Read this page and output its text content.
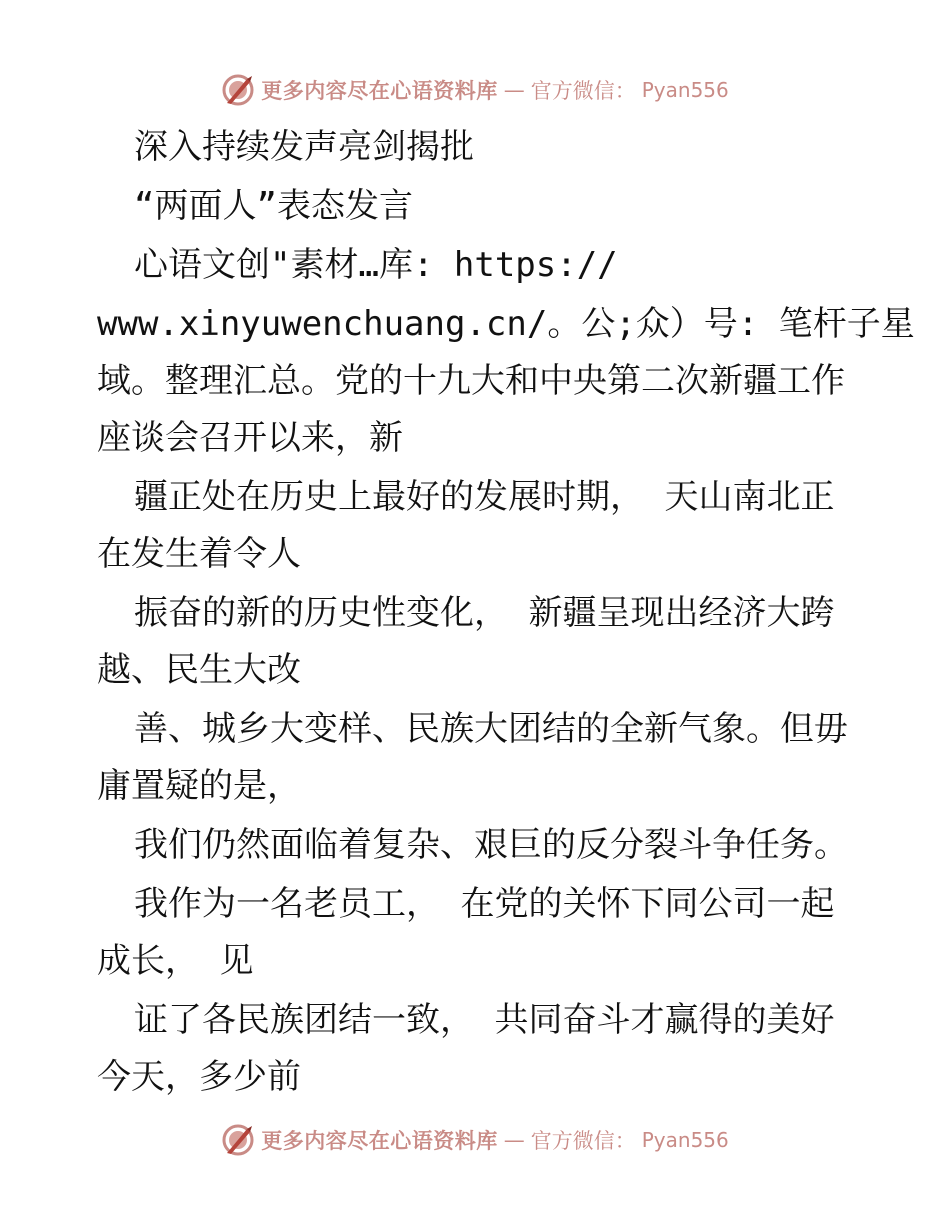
更多内容尽在心语资料库 — 官方微信： Pyan556
深入持续发声亮剑揭批
“两面人”表态发言
心语文创"素材…库: https://
www.xinyuwenchuang.cn/。公;众）号: 笔杆子星
域。整理汇总。党的十九大和中央第二次新疆工作
座谈会召开以来，新
疆正处在历史上最好的发展时期， 天山南北正
在发生着令人
振奋的新的历史性变化， 新疆呈现出经济大跨
越、民生大改
善、城乡大变样、民族大团结的全新气象。但毋
庸置疑的是，
我们仍然面临着复杂、艰巨的反分裂斗争任务。
我作为一名老员工， 在党的关怀下同公司一起
成长， 见
证了各民族团结一致， 共同奋斗才赢得的美好
今天，多少前
更多内容尽在心语资料库 — 官方微信： Pyan556
